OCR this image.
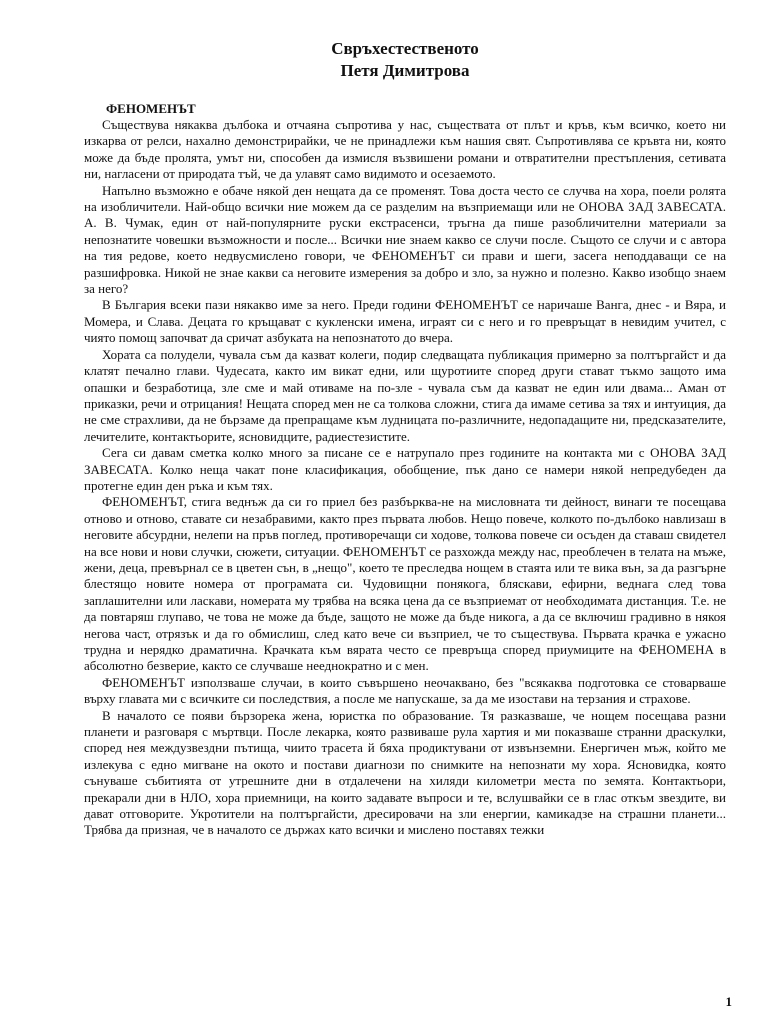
Свръхестественото
Петя Димитрова
ФЕНОМЕНЪТ

Съществува някаква дълбока и отчаяна съпротива у нас, съществата от плът и кръв, към всичко, което ни изкарва от релси, нахално демонстрирайки, че не принадлежи към нашия свят. Съпротивлява се кръвта ни, която може да бъде пролята, умът ни, способен да измисля възвишени романи и отвратителни престъпления, сетивата ни, нагласени от природата тъй, че да улавят само видимото и осезаемото.

Напълно възможно е обаче някой ден нещата да се променят. Това доста често се случва на хора, поели ролята на изобличители. Най-общо всички ние можем да се разделим на възприемащи или не ОНОВА ЗАД ЗАВЕСАТА. А. В. Чумак, един от най-популярните руски екстрасенси, тръгна да пише разобличителни материали за непознатите човешки възможности и после... Всички ние знаем какво се случи после. Същото се случи и с автора на тия редове, което недвусмислено говори, че ФЕНОМЕНЪТ си прави и шеги, засега неподдаващи се на разшифровка. Никой не знае какви са неговите измерения за добро и зло, за нужно и полезно. Какво изобщо знаем за него?

В България всеки пази някакво име за него. Преди години ФЕНОМЕНЪТ се наричаше Ванга, днес - и Вяра, и Момера, и Слава. Децата го кръщават с кукленски имена, играят си с него и го превръщат в невидим учител, с чиято помощ започват да сричат азбуката на непознатото до вчера.

Хората са полудели, чувала съм да казват колеги, подир следващата публикация примерно за полтъргайст и да клатят печално глави. Чудесата, както им викат едни, или щуротиите според други стават тъкмо защото има опашки и безработица, зле сме и май отиваме на по-зле - чувала съм да казват не един или двама... Аман от приказки, речи и отрицания! Нещата според мен не са толкова сложни, стига да имаме сетива за тях и интуиция, да не сме страхливи, да не бързаме да препращаме към лудницата по-различните, недопадащите ни, предсказателите, лечителите, контактьорите, ясновидците, радиестезистите.

Сега си давам сметка колко много за писане се е натрупало през годините на контакта ми с ОНОВА ЗАД ЗАВЕСАТА. Колко неща чакат поне класификация, обобщение, пък дано се намери някой непредубеден да протегне един ден ръка и към тях.

ФЕНОМЕНЪТ, стига веднъж да си го приел без разбърква-не на мисловната ти дейност, винаги те посещава отново и отново, ставате си незабравими, както през първата любов. Нещо повече, колкото по-дълбоко навлизаш в неговите абсурдни, нелепи на пръв поглед, противоречащи си ходове, толкова повече си осъден да ставаш свидетел на все нови и нови случки, сюжети, ситуации. ФЕНОМЕНЪТ се разхожда между нас, преоблечен в телата на мъже, жени, деца, превърнал се в цветен сън, в „нещо", което те преследва нощем в стаята или те вика вън, за да разгърне блестящо новите номера от програмата си. Чудовищни понякога, бляскави, ефирни, веднага след това заплашителни или ласкави, номерата му трябва на всяка цена да се възприемат от необходимата дистанция. Т.е. не да повтаряш глупаво, че това не може да бъде, защото не може да бъде никога, а да се включиш градивно в някоя негова част, отрязък и да го обмислиш, след като вече си възприел, че то съществува. Първата крачка е ужасно трудна и нерядко драматична. Крачката към вярата често се превръща според приумиците на ФЕНОМЕНА в абсолютно безверие, както се случваше нееднократно и с мен.

ФЕНОМЕНЪТ използваше случаи, в които съвършено неочаквано, без "всякаква подготовка се стоварваше върху главата ми с всичките си последствия, а после ме напускаше, за да ме изостави на терзания и страхове.

В началото се появи бързорека жена, юристка по образование. Тя разказваше, че нощем посещава разни планети и разговаря с мъртвци. После лекарка, която развиваше рула хартия и ми показваше странни драскулки, според нея междузвездни пътища, чиито трасета й бяха продиктувани от извънземни. Енергичен мъж, който ме излекува с едно мигване на окото и постави диагнози по снимките на непознати му хора. Ясновидка, която сънуваше събитията от утрешните дни в отдалечени на хиляди километри места по земята. Контактьори, прекарали дни в НЛО, хора приемници, на които задавате въпроси и те, вслушвайки се в глас откъм звездите, ви дават отговорите. Укротители на полтъргайсти, дресировачи на зли енергии, камикадзе на страшни планети... Трябва да призная, че в началото се държах като всички и мислено поставях тежки

1
